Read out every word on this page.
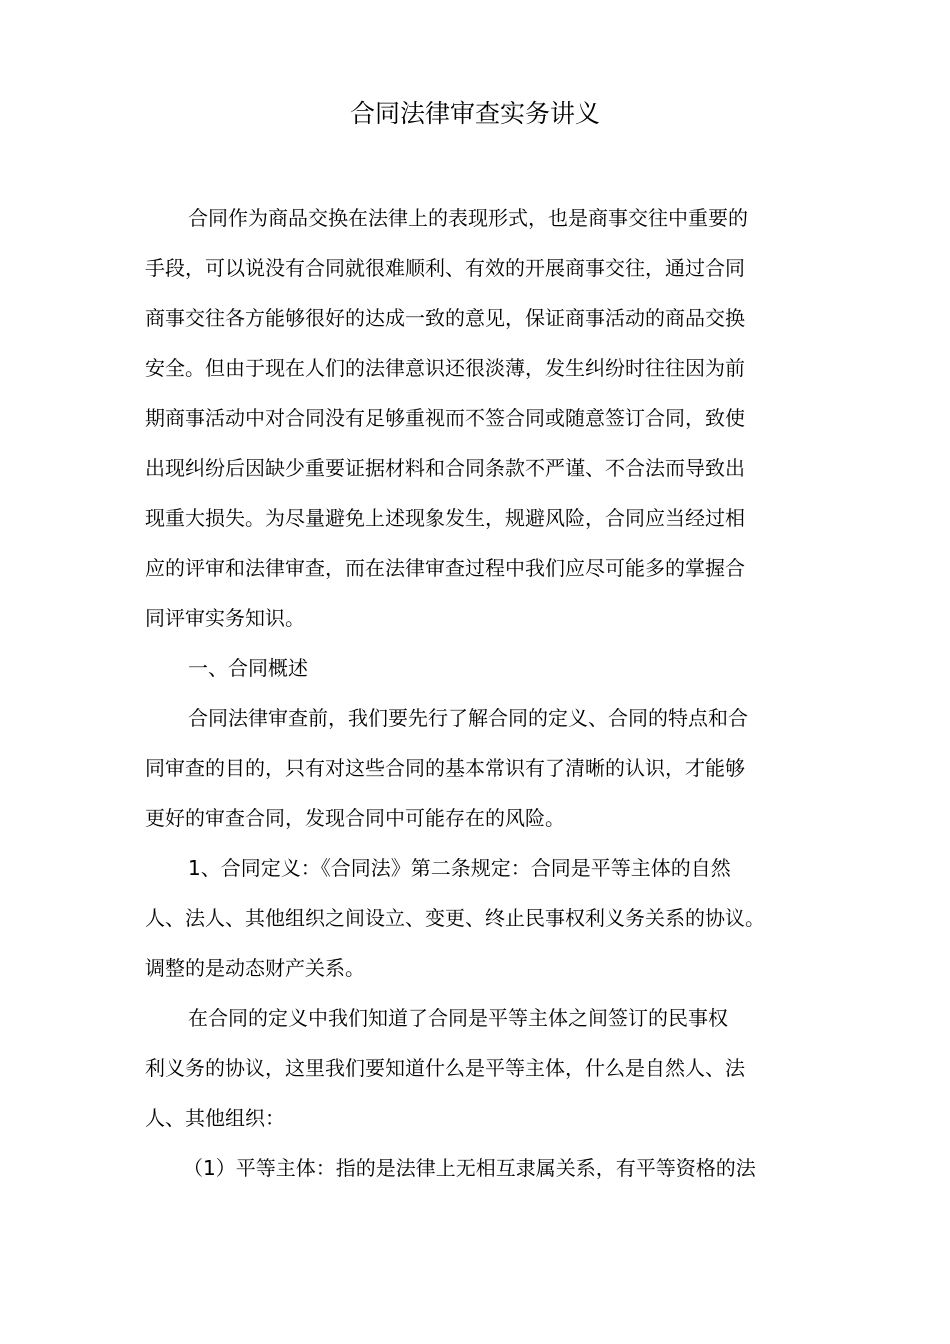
合同法律审查实务讲义

合同作为商品交换在法律上的表现形式，也是商事交往中重要的

手段，可以说没有合同就很难顺利、有效的开展商事交往，通过合同

商事交往各方能够很好的达成一致的意见，保证商事活动的商品交换

安全。但由于现在人们的法律意识还很淡薄，发生纠纷时往往因为前

期商事活动中对合同没有足够重视而不签合同或随意签订合同，致使

出现纠纷后因缺少重要证据材料和合同条款不严谨、不合法而导致出

现重大损失。为尽量避免上述现象发生，规避风险，合同应当经过相

应的评审和法律审查，而在法律审查过程中我们应尽可能多的掌握合

同评审实务知识。

一、合同概述

合同法律审查前，我们要先行了解合同的定义、合同的特点和合

同审查的目的，只有对这些合同的基本常识有了清晰的认识，才能够

更好的审查合同，发现合同中可能存在的风险。

1、合同定义：《合同法》第二条规定：合同是平等主体的自然

人、法人、其他组织之间设立、变更、终止民事权利义务关系的协议。

调整的是动态财产关系。

在合同的定义中我们知道了合同是平等主体之间签订的民事权

利义务的协议，这里我们要知道什么是平等主体，什么是自然人、法

人、其他组织：

（1）平等主体：指的是法律上无相互隶属关系，有平等资格的法
